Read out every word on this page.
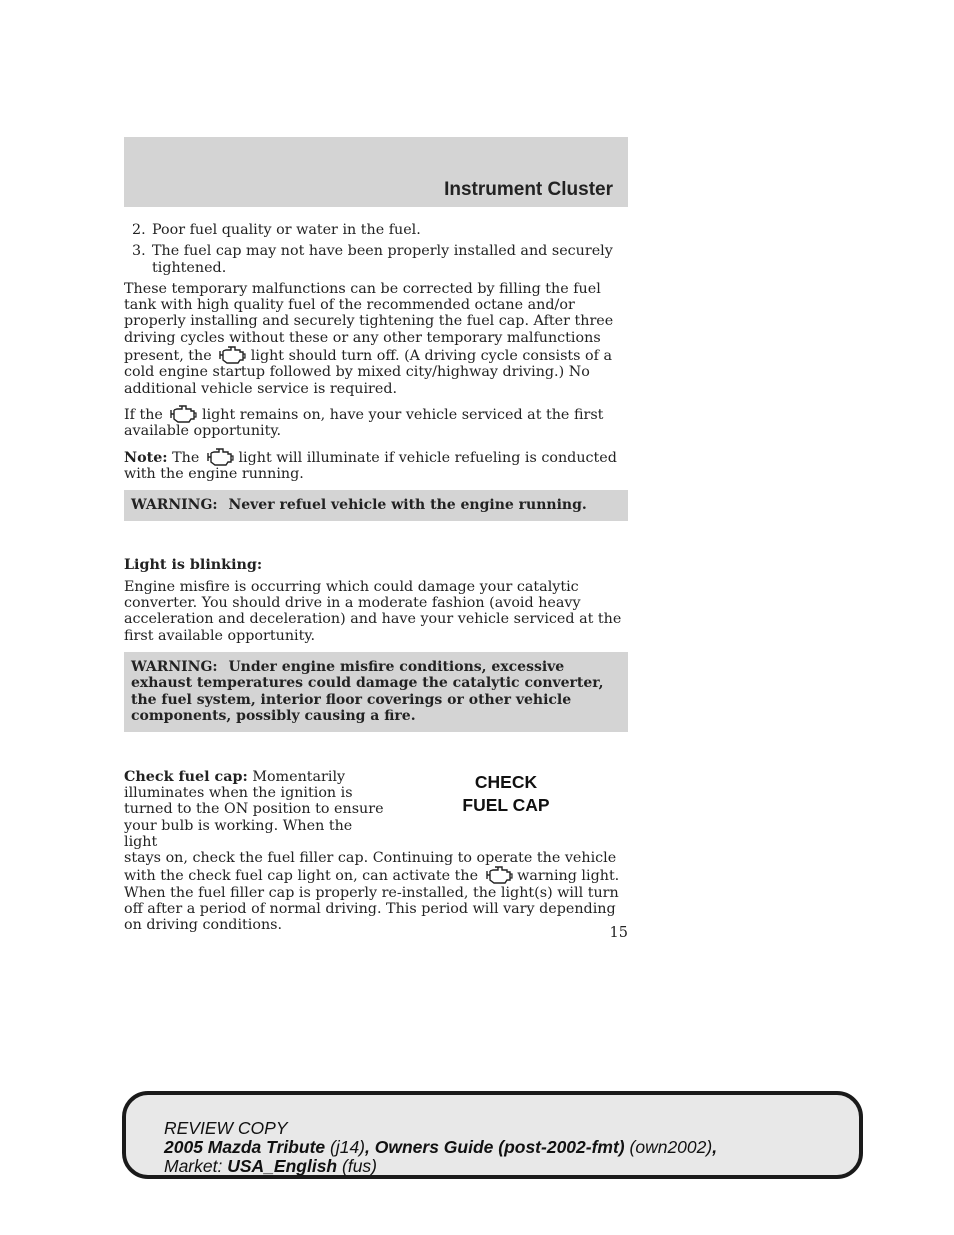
Instrument Cluster
2. Poor fuel quality or water in the fuel.
3. The fuel cap may not have been properly installed and securely tightened.

These temporary malfunctions can be corrected by filling the fuel tank with high quality fuel of the recommended octane and/or properly installing and securely tightening the fuel cap. After three driving cycles without these or any other temporary malfunctions present, the	light should turn off. (A driving cycle consists of a cold engine startup followed by mixed city/highway driving.) No additional vehicle service is required.

If the	light remains on, have your vehicle serviced at the first available opportunity.

Note: The	light will illuminate if vehicle refueling is conducted with the engine running.

WARNING: Never refuel vehicle with the engine running.

Light is blinking:

Engine misfire is occurring which could damage your catalytic converter. You should drive in a moderate fashion (avoid heavy acceleration and deceleration) and have your vehicle serviced at the first available opportunity.

WARNING: Under engine misfire conditions, excessive exhaust temperatures could damage the catalytic converter, the fuel system, interior floor coverings or other vehicle components, possibly causing a fire.

Check fuel cap: Momentarily illuminates when the ignition is turned to the ON position to ensure your bulb is working. When the light

CHECK
FUEL CAP

stays on, check the fuel filler cap. Continuing to operate the vehicle with the check fuel cap light on, can activate the	warning light. When the fuel filler cap is properly re-installed, the light(s) will turn off after a period of normal driving. This period will vary depending on driving conditions.	15
REVIEW COPY
2005 Mazda Tribute (j14), Owners Guide (post-2002-fmt) (own2002),
Market: USA_English (fus)
